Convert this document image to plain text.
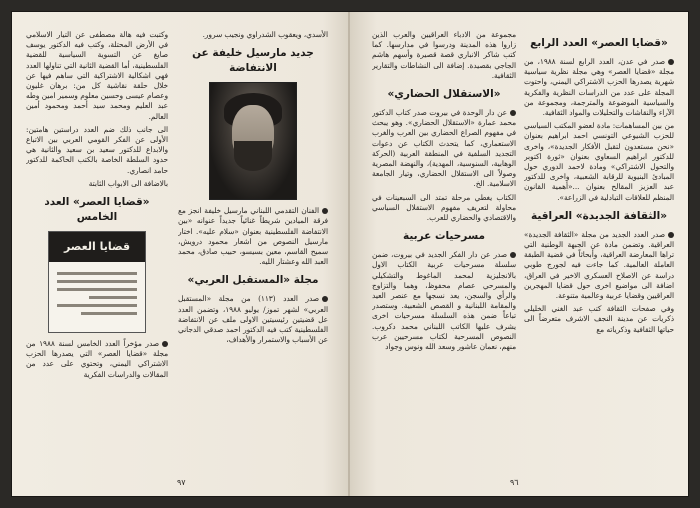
الأسدي، ويعقوب الشدراوي ونجيب سرور.

جديد مارسيل خليفة عن الانتفاضة

الفنان التقدمي اللبناني مارسيل خليفة انجز مع فرقة الميادين شريطاً غنائياً جديداً عنوانه «بين الانتفاضة الفلسطينية بعنوان «سلام عليه». اختار مارسيل النصوص من اشعار محمود درويش، سميح القاسم، معين بسيسو، حبيب صادق، محمد العبد الله وعشتار الليه.

مجلة «المستقبل العربي»

صدر العدد (١١٣) من مجلة «المستقبل العربي» لشهر تموز/ يوليو ١٩٨٨، وتضمن العدد عل قضيتين رئيسيتين الاولى ملف عن الانتفاضة الفلسطينية كتب فيه الدكتور احمد صدقي الدجاني عن الأسباب والاستمرار والأهداف،

وكتبت فيه هالة مصطفى عن التيار الاسلامي في الأرض المحتلة، وكتب فيه الدكتور يوسف صايغ عن التسوية السياسية للقضية الفلسطينية، أما القضية الثانية التي تناولها العدد فهي اشكالية الاشتراكية التي ساهم فيها عن خلال حلقة نقاشية كل من: برهان غليون وعصام عيسى وحسين معلوم وسمير امين وطه عبد العليم ومحمد سيد أحمد ومحمود أمين العالم.

الى جانب ذلك ضم العدد دراستين هامتين: الأولى عن الفكر القومي العربي بين الاتباع والابداع للدكتور سعيد بن سعيد والثانية هي حدود السلطة الخاصة بالكتب الحاكمة للدكتور حامد انصاري.

بالاضافة الى الابواب الثابتة

«قضايا العصر» العدد الخامس
قضايا العصر

صدر مؤخراً العدد الخامس لسنة ١٩٨٨ من مجلة «قضايا العصر» التي يصدرها الحزب الاشتراكي اليمني، وتحتوي على عدد من المقالات والدراسات الفكرية

٩٧
«قضايا العصر» العدد الرابع

صدر في عدن، العدد الرابع لسنة ١٩٨٨، من مجلة «قضايا العصر» وهي مجلة نظرية سياسية شهرية يصدرها الحزب الاشتراكي اليمني، واحتوت المجلة على عدد من الدراسات النظرية والفكرية والسياسية الموضوعة والمترجمة، ومجموعة من الآراء والنقاشات والتحليلات والمواد الثقافية.

من بين المساهمات: مادة لعضو المكتب السياسي للحزب الشيوعي التونسي احمد ابراهيم بعنوان «نحن مستعدون لتقبل الأفكار الجديدة»، واخرى للدكتور ابراهيم السعاوي بعنوان «ثورة اكتوبر والتحول الاشتراكي» ومادة لاحمد الدوري حول المبادئ البنيوية للرقابة الشعبية، واخرى للدكتور عبد العزيز المقالح بعنوان ...«أهمية القانون المنظم للعلاقات التبادلية في الزراعة».

«الثقافة الجديدة» العراقية

صدر العدد الجديد من مجلة «الثقافة الجديدة» العراقية. وتضمن مادة عن الجبهة الوطنية التي تراها المعارضة العراقية، وأبحاثاً في قضية الطبقة العاملة العالمية. كما جاءت فيه لجورج طوبي دراسة عن الاصلاح العسكري الاخير في العراق، اضافة الى مواضيع اخرى حول قضايا المهجرين العراقيين وقضايا عربية وعالمية متنوعة.

وفي صفحات الثقافة كتب عبد الغني الخليلي ذكريات عن مدينة النجف الاشرف متعرضاً الى حياتها الثقافية وذكرياته مع

مجموعة من الادباء العراقيين والعرب الذين زاروا هذه المدينة ودرسوا في مدارسها. كما كتب شاكر الانباري قصة قصيرة وأسهم هاشم الجاجي بقصيدة. إضافة الى النشاطات والتقارير الثقافية.

«الاستقلال الحضاري»

عن دار الوحدة في بيروت صدر كتاب الدكتور محمد عمارة «الاستقلال الحضاري». وهو يبحث في مفهوم الصراع الحضاري بين العرب والغرب الاستعماري، كما يتحدث الكتاب عن دعوات التجديد السلفية في المنطقة العربية (الحركة الوهابية، السنوسية، المهدية)، والنهضة المصرية وصولاً الى الاستقلال الحضاري، وتيار الجامعة الاسلامية. الخ.

الكتاب يغطي مرحلة تمتد الى السبعينات في محاولة لتعريف مفهوم الاستقلال السياسي والاقتصادي والحضاري للعرب.

مسرحيات عربية

صدر عن دار الفكر الجديد في بيروت، ضمن سلسلة مسرحيات عربية الكتاب الاول بالانجليزية لمحمد الماغوط والتشكيلي والمسرحي عصام محفوظ، وهما والتزاوج والرأي والسجن، يعد نسجها مع عنصر العيد والمقامة اللبنانية و القصص الشعبية. وستصدر تباعاً ضمن هذه السلسلة مسرحيات اخرى يشرف عليها الكاتب اللبناني محمد دكروب. النصوص المسرحية لكتاب مسرحيين عرب منهم، نعمان عاشور وسعد الله ونوس وجواد

٩٦
